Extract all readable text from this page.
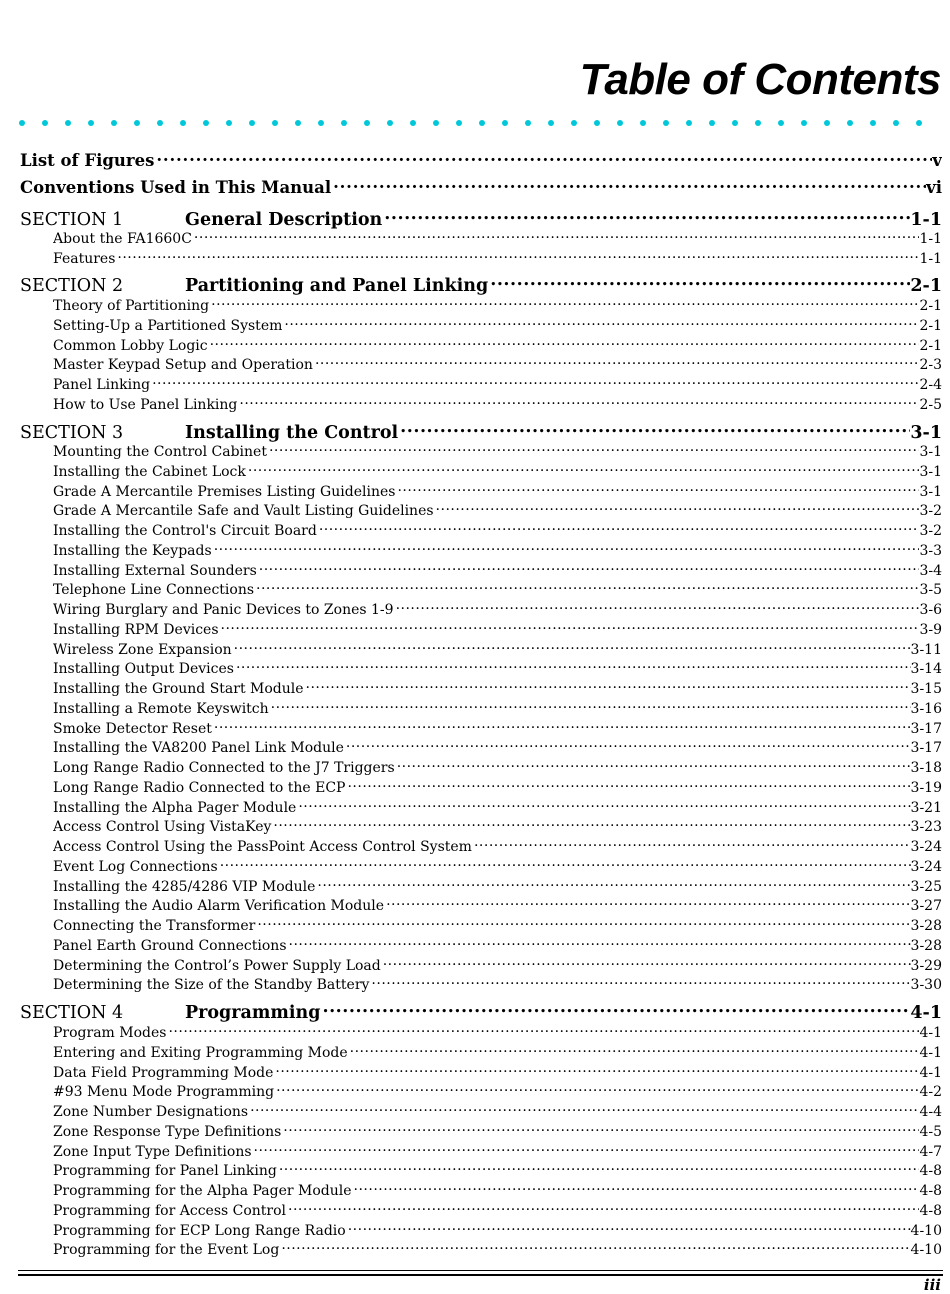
Table of Contents
List of Figures .....	v
Conventions Used in This Manual .....	vi
SECTION 1	General Description .....	1-1
About the FA1660C .....	1-1
Features .....	1-1
SECTION 2	Partitioning and Panel Linking .....	2-1
Theory of Partitioning .....	2-1
Setting-Up a Partitioned System .....	2-1
Common Lobby Logic .....	2-1
Master Keypad Setup and Operation .....	2-3
Panel Linking .....	2-4
How to Use Panel Linking .....	2-5
SECTION 3	Installing the Control .....	3-1
Mounting the Control Cabinet .....	3-1
Installing the Cabinet Lock .....	3-1
Grade A Mercantile Premises Listing Guidelines .....	3-1
Grade A Mercantile Safe and Vault Listing Guidelines .....	3-2
Installing the Control's Circuit Board .....	3-2
Installing the Keypads .....	3-3
Installing External Sounders .....	3-4
Telephone Line Connections .....	3-5
Wiring Burglary and Panic Devices to Zones 1-9 .....	3-6
Installing RPM Devices .....	3-9
Wireless Zone Expansion .....	3-11
Installing Output Devices .....	3-14
Installing the Ground Start Module .....	3-15
Installing a Remote Keyswitch .....	3-16
Smoke Detector Reset .....	3-17
Installing the VA8200 Panel Link Module .....	3-17
Long Range Radio Connected to the J7 Triggers .....	3-18
Long Range Radio Connected to the ECP .....	3-19
Installing the Alpha Pager Module .....	3-21
Access Control Using VistaKey .....	3-23
Access Control Using the PassPoint Access Control System .....	3-24
Event Log Connections .....	3-24
Installing the 4285/4286 VIP Module .....	3-25
Installing the Audio Alarm Verification Module .....	3-27
Connecting the Transformer .....	3-28
Panel Earth Ground Connections .....	3-28
Determining the Control’s Power Supply Load .....	3-29
Determining the Size of the Standby Battery .....	3-30
SECTION 4	Programming .....	4-1
Program Modes .....	4-1
Entering and Exiting Programming Mode .....	4-1
Data Field Programming Mode .....	4-1
#93 Menu Mode Programming .....	4-2
Zone Number Designations .....	4-4
Zone Response Type Definitions .....	4-5
Zone Input Type Definitions .....	4-7
Programming for Panel Linking .....	4-8
Programming for the Alpha Pager Module .....	4-8
Programming for Access Control .....	4-8
Programming for ECP Long Range Radio .....	4-10
Programming for the Event Log .....	4-10
iii
